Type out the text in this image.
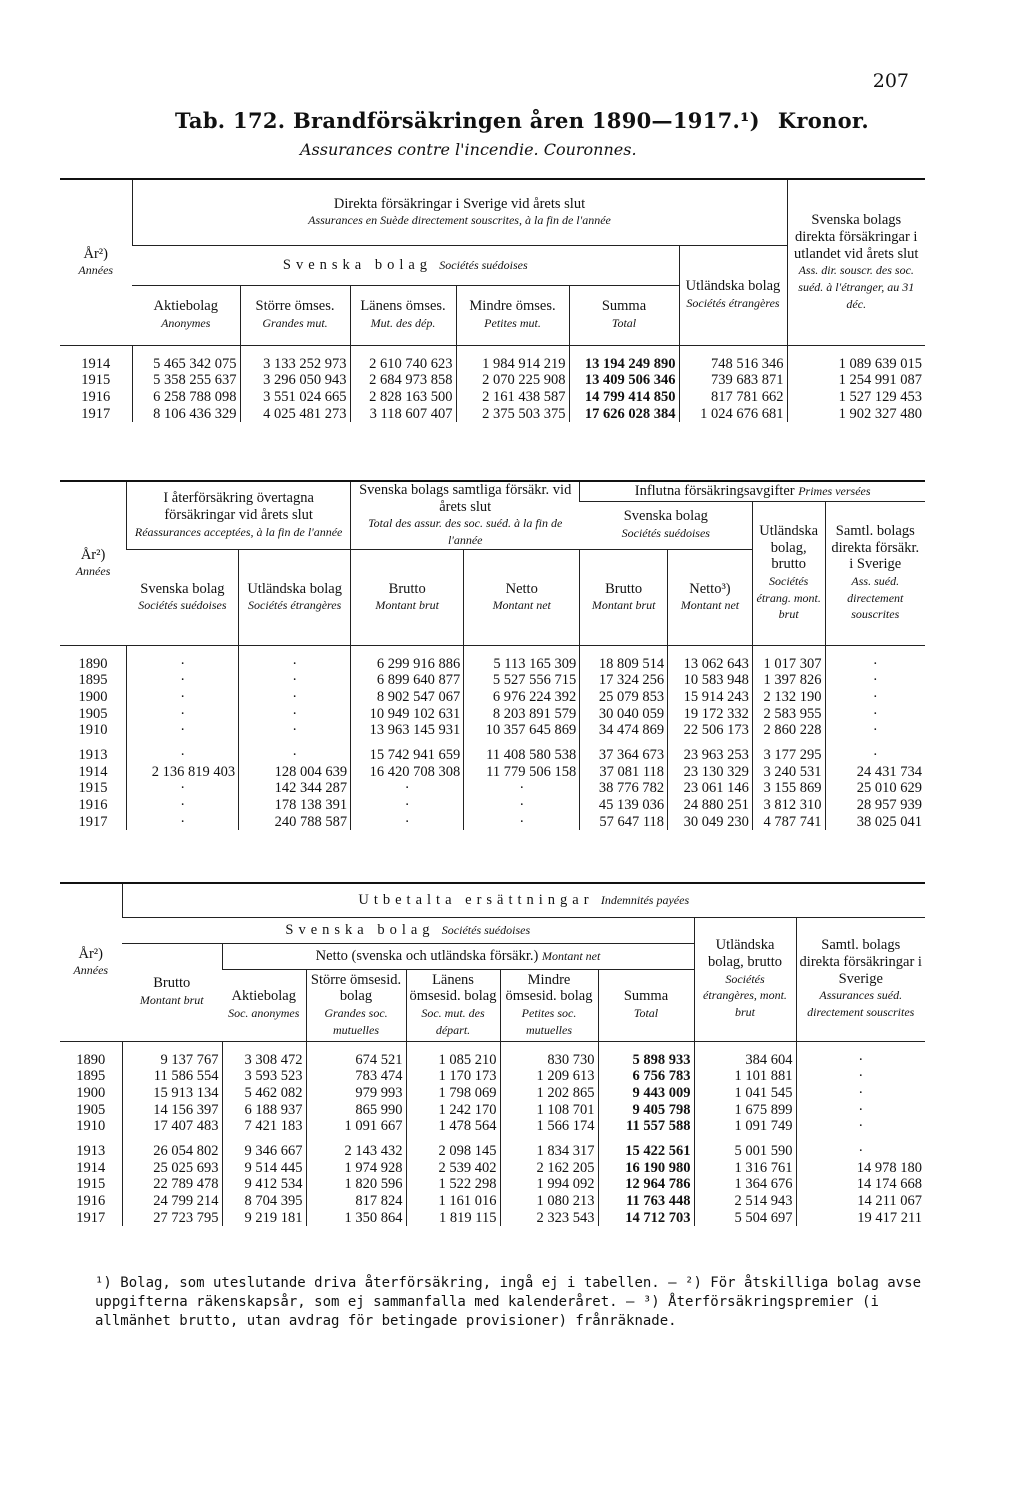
207
Tab. 172. Brandförsäkringen åren 1890—1917.¹) Kronor.
Assurances contre l'incendie. Couronnes.
År²)
Années	Direkta försäkringar i Sverige vid årets slut
Assurances en Suède directement souscrites, à la fin de l'année						Svenska bolags direkta försäkringar i utlandet vid årets slut
Ass. dir. souscr. des soc. suéd. à l'étranger, au 31 déc.
	Svenska bolag Sociétés suédoises					Utländska bolag
Sociétés étrangères	
	Aktiebolag
Anonymes	Större ömses.
Grandes mut.	Länens ömses.
Mut. des dép.	Mindre ömses.
Petites mut.	Summa
Total		
1914	5 465 342 075	3 133 252 973	2 610 740 623	1 984 914 219	13 194 249 890	748 516 346	1 089 639 015
1915	5 358 255 637	3 296 050 943	2 684 973 858	2 070 225 908	13 409 506 346	739 683 871	1 254 991 087
1916	6 258 788 098	3 551 024 665	2 828 163 500	2 161 438 587	14 799 414 850	817 781 662	1 527 129 453
1917	8 106 436 329	4 025 481 273	3 118 607 407	2 375 503 375	17 626 028 384	1 024 676 681	1 902 327 480
År²)
Années	I återförsäkring övertagna försäkringar vid årets slut
Réassurances acceptées, à la fin de l'année		Svenska bolags samtliga försäkr. vid årets slut
Total des assur. des soc. suéd. à la fin de l'année		Influtna försäkringsavgifter Primes versées			
					Svenska bolag
Sociétés suédoises		Utländska bolag, brutto
Sociétés étrang. mont. brut	Samtl. bolags direkta försäkr. i Sverige
Ass. suéd. directement souscrites
	Svenska bolag
Sociétés suédoises	Utländska bolag
Sociétés étrangères	Brutto
Montant brut	Netto
Montant net	Brutto
Montant brut	Netto³)
Montant net		
1890	·	·	6 299 916 886	5 113 165 309	18 809 514	13 062 643	1 017 307	·
1895	·	·	6 899 640 877	5 527 556 715	17 324 256	10 583 948	1 397 826	·
1900	·	·	8 902 547 067	6 976 224 392	25 079 853	15 914 243	2 132 190	·
1905	·	·	10 949 102 631	8 203 891 579	30 040 059	19 172 332	2 583 955	·
1910	·	·	13 963 145 931	10 357 645 869	34 474 869	22 506 173	2 860 228	·
1913	·	·	15 742 941 659	11 408 580 538	37 364 673	23 963 253	3 177 295	·
1914	2 136 819 403	128 004 639	16 420 708 308	11 779 506 158	37 081 118	23 130 329	3 240 531	24 431 734
1915	·	142 344 287	·	·	38 776 782	23 061 146	3 155 869	25 010 629
1916	·	178 138 391	·	·	45 139 036	24 880 251	3 812 310	28 957 939
1917	·	240 788 587	·	·	57 647 118	30 049 230	4 787 741	38 025 041
År²)
Années	Utbetalta ersättningar Indemnités payées							
	Svenska bolag Sociétés suédoises						Utländska bolag, brutto
Sociétés étrangères, mont. brut	Samtl. bolags direkta försäkringar i Sverige
Assurances suéd. directement souscrites
	Brutto
Montant brut	Netto (svenska och utländska försäkr.) Montant net						
		Aktiebolag
Soc. anonymes	Större ömsesid. bolag
Grandes soc. mutuelles	Länens ömsesid. bolag
Soc. mut. des départ.	Mindre ömsesid. bolag
Petites soc. mutuelles	Summa
Total		
1890	9 137 767	3 308 472	674 521	1 085 210	830 730	5 898 933	384 604	·
1895	11 586 554	3 593 523	783 474	1 170 173	1 209 613	6 756 783	1 101 881	·
1900	15 913 134	5 462 082	979 993	1 798 069	1 202 865	9 443 009	1 041 545	·
1905	14 156 397	6 188 937	865 990	1 242 170	1 108 701	9 405 798	1 675 899	·
1910	17 407 483	7 421 183	1 091 667	1 478 564	1 566 174	11 557 588	1 091 749	·
1913	26 054 802	9 346 667	2 143 432	2 098 145	1 834 317	15 422 561	5 001 590	·
1914	25 025 693	9 514 445	1 974 928	2 539 402	2 162 205	16 190 980	1 316 761	14 978 180
1915	22 789 478	9 412 534	1 820 596	1 522 298	1 994 092	12 964 786	1 364 676	14 174 668
1916	24 799 214	8 704 395	817 824	1 161 016	1 080 213	11 763 448	2 514 943	14 211 067
1917	27 723 795	9 219 181	1 350 864	1 819 115	2 323 543	14 712 703	5 504 697	19 417 211
¹) Bolag, som uteslutande driva återförsäkring, ingå ej i tabellen. — ²) För åtskilliga bolag avse uppgifterna räkenskapsår, som ej sammanfalla med kalenderåret. — ³) Återförsäkringspremier (i allmänhet brutto, utan avdrag för betingade provisioner) frånräknade.
